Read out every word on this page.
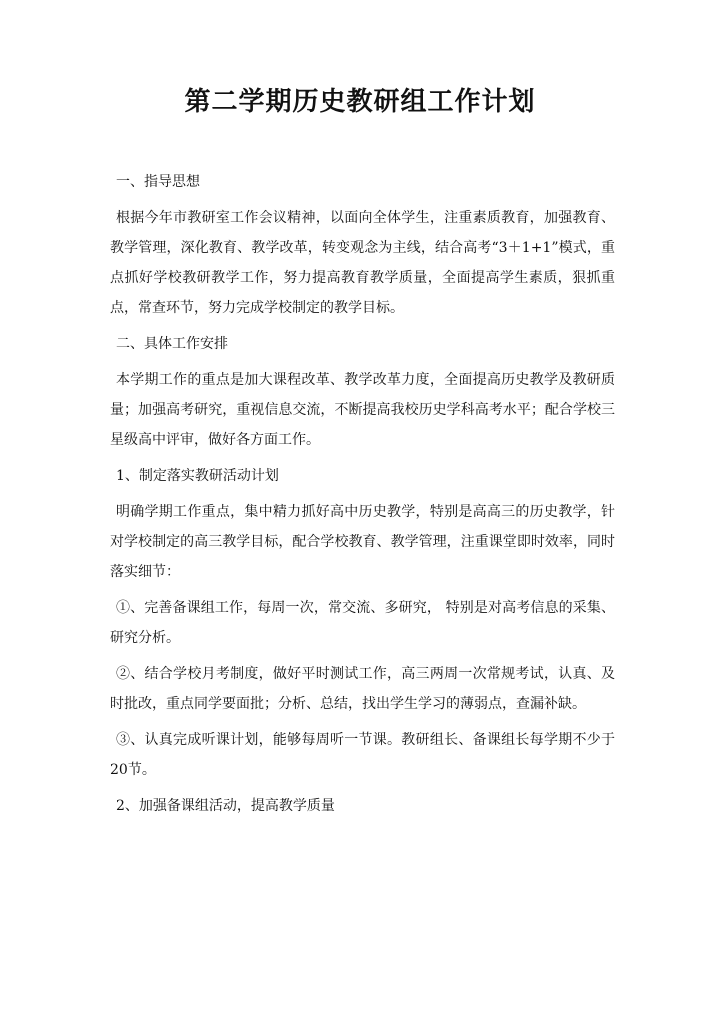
第二学期历史教研组工作计划

一、指导思想

根据今年市教研室工作会议精神，以面向全体学生，注重素质教育，加强教育、教学管理，深化教育、教学改革，转变观念为主线，结合高考“3＋1+1”模式，重点抓好学校教研教学工作，努力提高教育教学质量，全面提高学生素质，狠抓重点，常查环节，努力完成学校制定的教学目标。

二、具体工作安排

本学期工作的重点是加大课程改革、教学改革力度，全面提高历史教学及教研质量；加强高考研究，重视信息交流，不断提高我校历史学科高考水平；配合学校三星级高中评审，做好各方面工作。

1、制定落实教研活动计划

明确学期工作重点，集中精力抓好高中历史教学，特别是高高三的历史教学，针对学校制定的高三教学目标，配合学校教育、教学管理，注重课堂即时效率，同时落实细节：

①、完善备课组工作，每周一次，常交流、多研究， 特别是对高考信息的采集、研究分析。

②、结合学校月考制度，做好平时测试工作，高三两周一次常规考试，认真、及时批改，重点同学要面批；分析、总结，找出学生学习的薄弱点，查漏补缺。

③、认真完成听课计划，能够每周听一节课。教研组长、备课组长每学期不少于20节。

2、加强备课组活动，提高教学质量
